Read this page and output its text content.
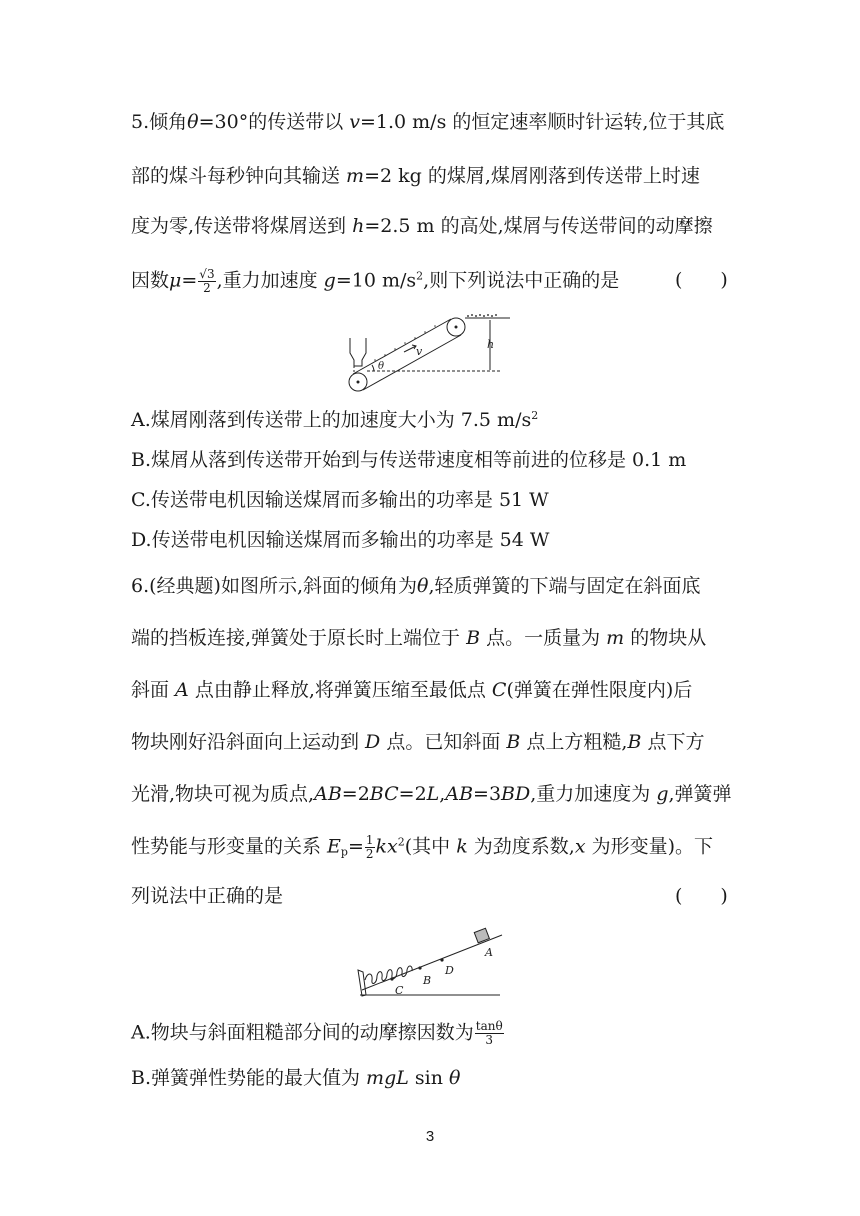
5.倾角θ=30°的传送带以 v=1.0 m/s 的恒定速率顺时针运转,位于其底
部的煤斗每秒钟向其输送 m=2 kg 的煤屑,煤屑刚落到传送带上时速
度为零,传送带将煤屑送到 h=2.5 m 的高处,煤屑与传送带间的动摩擦
因数$\mu= \frac{√3}{2}$ ,重力加速度 g=10 $m/s^2$,则下列说法中正确的是	(　　)
v
θ
h
A.煤屑刚落到传送带上的加速度大小为 7.5 $m/s^2$
B.煤屑从落到传送带开始到与传送带速度相等前进的位移是 0.1 m
C.传送带电机因输送煤屑而多输出的功率是 51 W
D.传送带电机因输送煤屑而多输出的功率是 54 W
6.(经典题)如图所示,斜面的倾角为θ,轻质弹簧的下端与固定在斜面底
端的挡板连接,弹簧处于原长时上端位于 B 点。一质量为 m 的物块从
斜面 A 点由静止释放,将弹簧压缩至最低点 C(弹簧在弹性限度内)后
物块刚好沿斜面向上运动到 D 点。已知斜面 B 点上方粗糙,B 点下方
光滑,物块可视为质点,AB=2BC=2L,AB=3BD,重力加速度为 g,弹簧弹
性势能与形变量的关系 $E_p= \frac{1}{2} kx^2$(其中 k 为劲度系数,x 为形变量)。下
列说法中正确的是	(　　)
A
B
C
D
A.物块与斜面粗糙部分间的动摩擦因数为 $\frac{\tan\theta}{3}$
B.弹簧弹性势能的最大值为 mgL sin θ
3
